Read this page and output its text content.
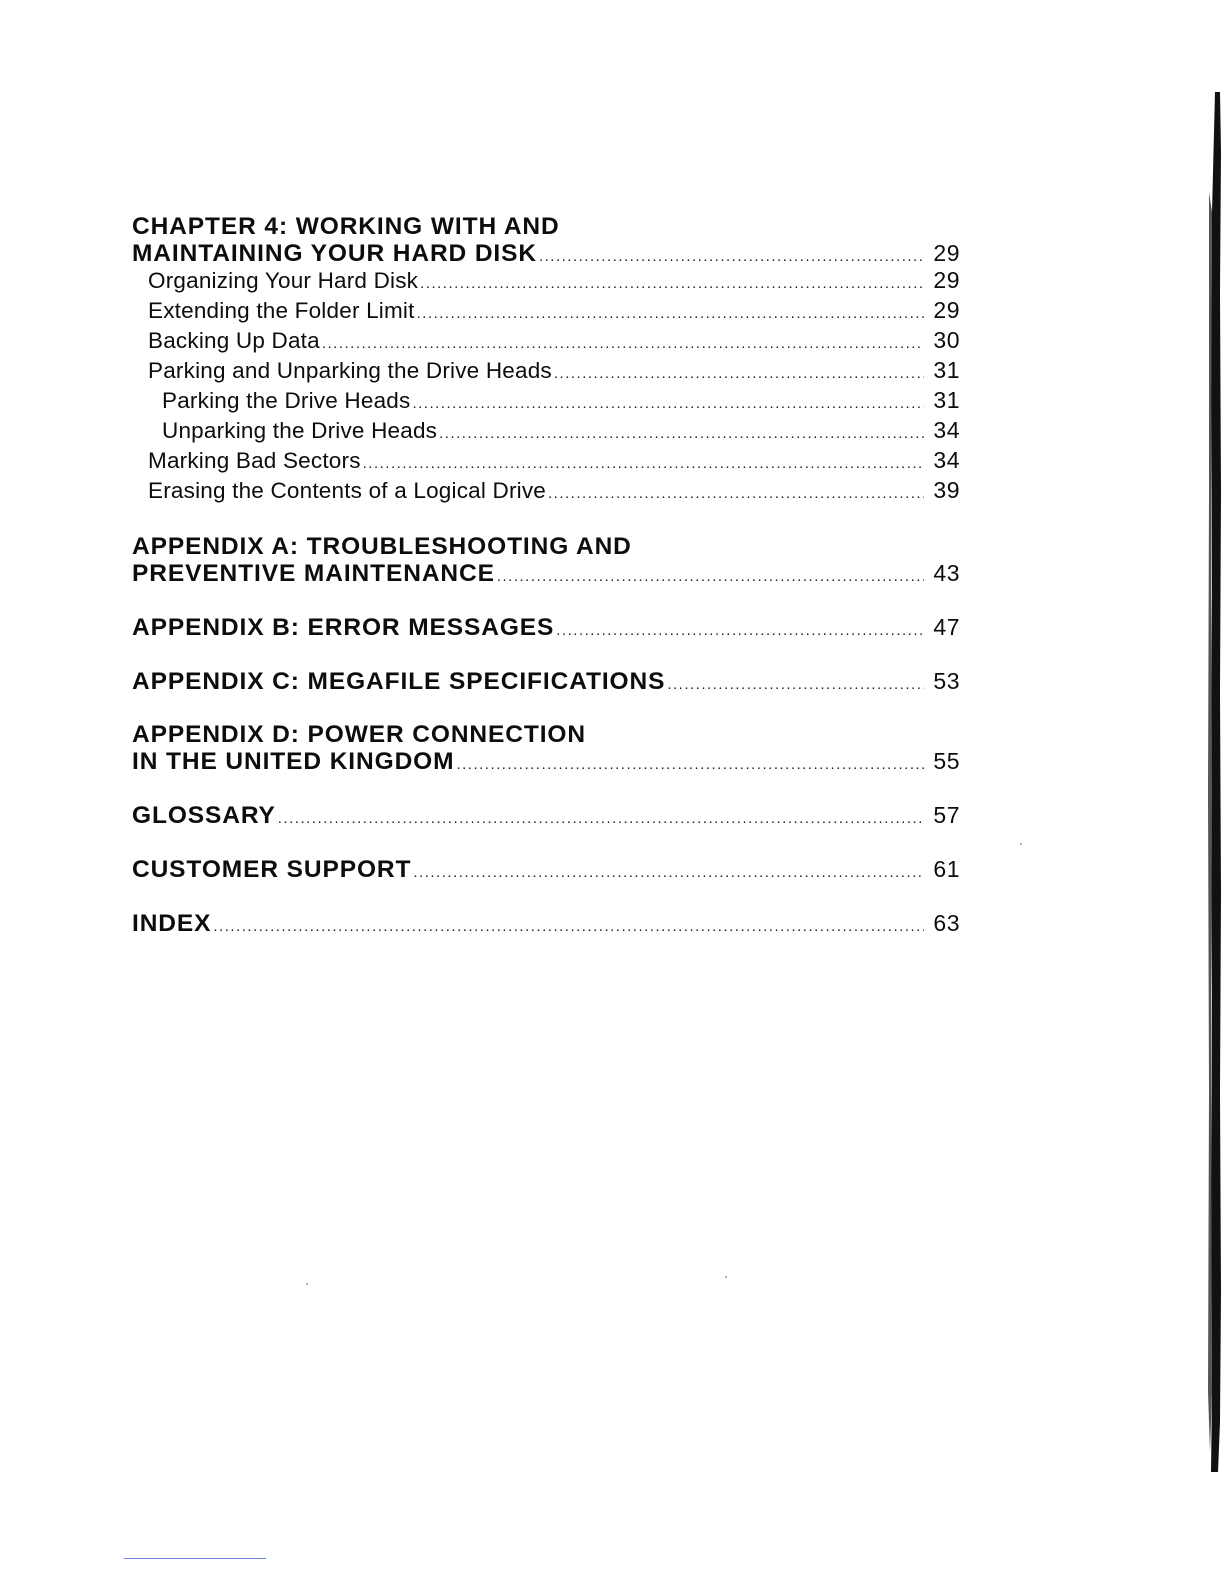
CHAPTER 4: WORKING WITH AND
MAINTAINING YOUR HARD DISK .....	29
Organizing Your Hard Disk .....	29
Extending the Folder Limit .....	29
Backing Up Data .....	30
Parking and Unparking the Drive Heads .....	31
Parking the Drive Heads .....	31
Unparking the Drive Heads .....	34
Marking Bad Sectors .....	34
Erasing the Contents of a Logical Drive .....	39
APPENDIX A: TROUBLESHOOTING AND
PREVENTIVE MAINTENANCE .....	43
APPENDIX B: ERROR MESSAGES .....	47
APPENDIX C: MEGAFILE SPECIFICATIONS .....	53
APPENDIX D: POWER CONNECTION
IN THE UNITED KINGDOM .....	55
GLOSSARY .....	57
CUSTOMER SUPPORT .....	61
INDEX .....	63
